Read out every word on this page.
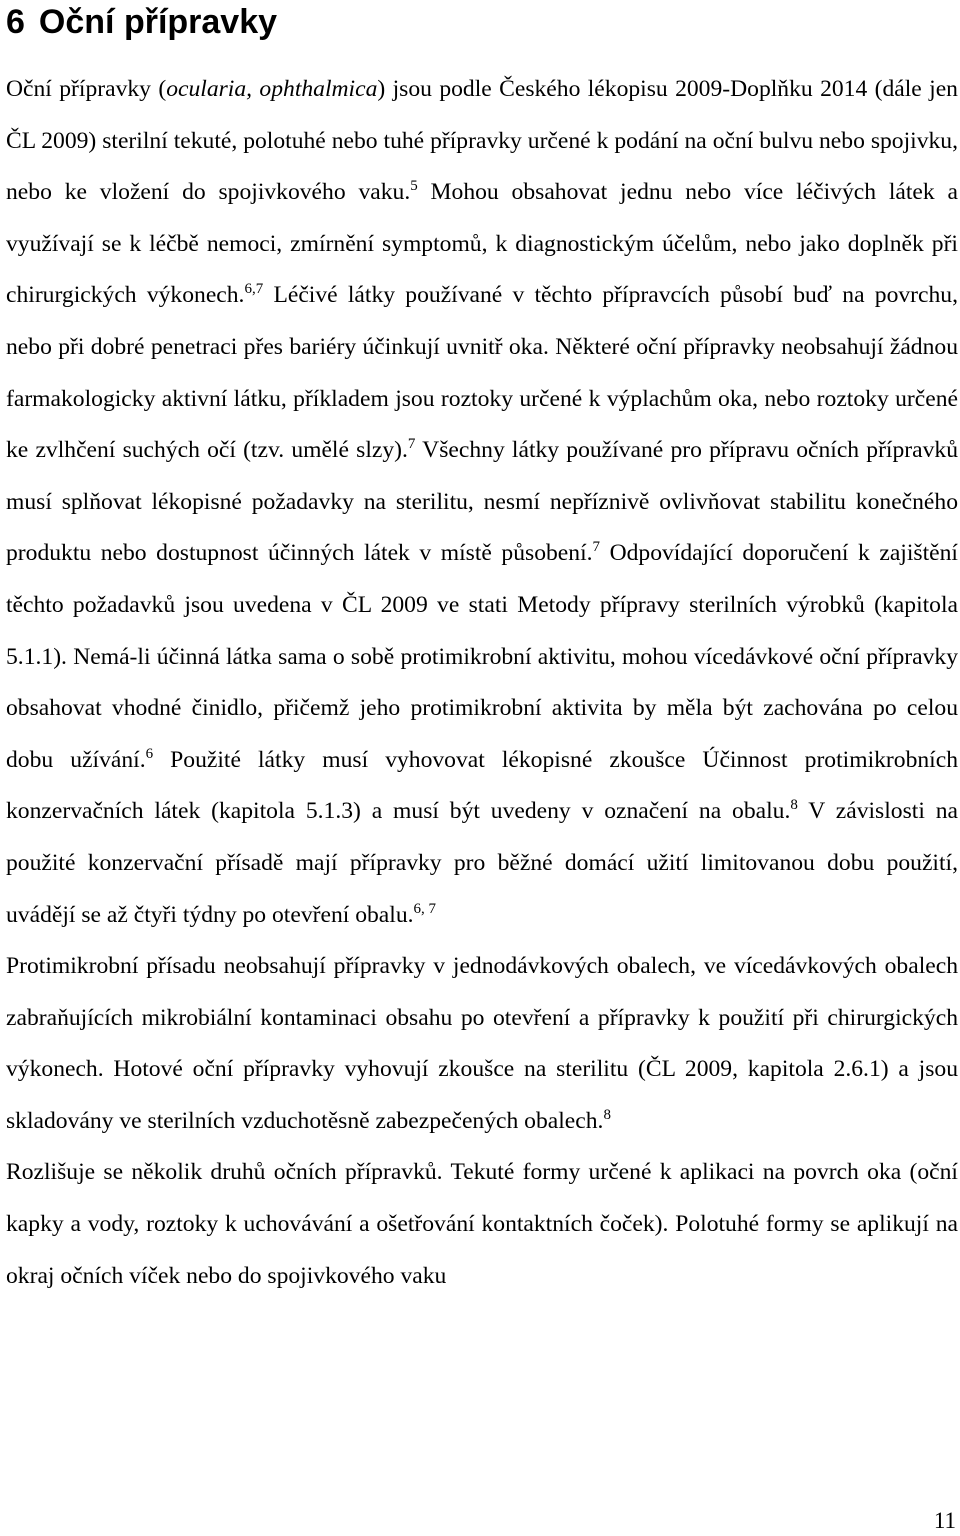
6 Oční přípravky

Oční přípravky (ocularia, ophthalmica) jsou podle Českého lékopisu 2009-Doplňku 2014 (dále jen ČL 2009) sterilní tekuté, polotuhé nebo tuhé přípravky určené k podání na oční bulvu nebo spojivku, nebo ke vložení do spojivkového vaku.$^5$ Mohou obsahovat jednu nebo více léčivých látek a využívají se k léčbě nemoci, zmírnění symptomů, k diagnostickým účelům, nebo jako doplněk při chirurgických výkonech.$^{6,7}$ Léčivé látky používané v těchto přípravcích působí buď na povrchu, nebo při dobré penetraci přes bariéry účinkují uvnitř oka. Některé oční přípravky neobsahují žádnou farmakologicky aktivní látku, příkladem jsou roztoky určené k výplachům oka, nebo roztoky určené ke zvlhčení suchých očí (tzv. umělé slzy).$^7$ Všechny látky používané pro přípravu očních přípravků musí splňovat lékopisné požadavky na sterilitu, nesmí nepříznivě ovlivňovat stabilitu konečného produktu nebo dostupnost účinných látek v místě působení.$^7$ Odpovídající doporučení k zajištění těchto požadavků jsou uvedena v ČL 2009 ve stati Metody přípravy sterilních výrobků (kapitola 5.1.1). Nemá-li účinná látka sama o sobě protimikrobní aktivitu, mohou vícedávkové oční přípravky obsahovat vhodné činidlo, přičemž jeho protimikrobní aktivita by měla být zachována po celou dobu užívání.$^6$ Použité látky musí vyhovovat lékopisné zkoušce Účinnost protimikrobních konzervačních látek (kapitola 5.1.3) a musí být uvedeny v označení na obalu.$^8$ V závislosti na použité konzervační přísadě mají přípravky pro běžné domácí užití limitovanou dobu použití, uvádějí se až čtyři týdny po otevření obalu.$^{6, 7}$

Protimikrobní přísadu neobsahují přípravky v jednodávkových obalech, ve vícedávkových obalech zabraňujících mikrobiální kontaminaci obsahu po otevření a přípravky k použití při chirurgických výkonech. Hotové oční přípravky vyhovují zkoušce na sterilitu (ČL 2009, kapitola 2.6.1) a jsou skladovány ve sterilních vzduchotěsně zabezpečených obalech.$^8$

Rozlišuje se několik druhů očních přípravků. Tekuté formy určené k aplikaci na povrch oka (oční kapky a vody, roztoky k uchovávání a ošetřování kontaktních čoček). Polotuhé formy se aplikují na okraj očních víček nebo do spojivkového vaku

11
